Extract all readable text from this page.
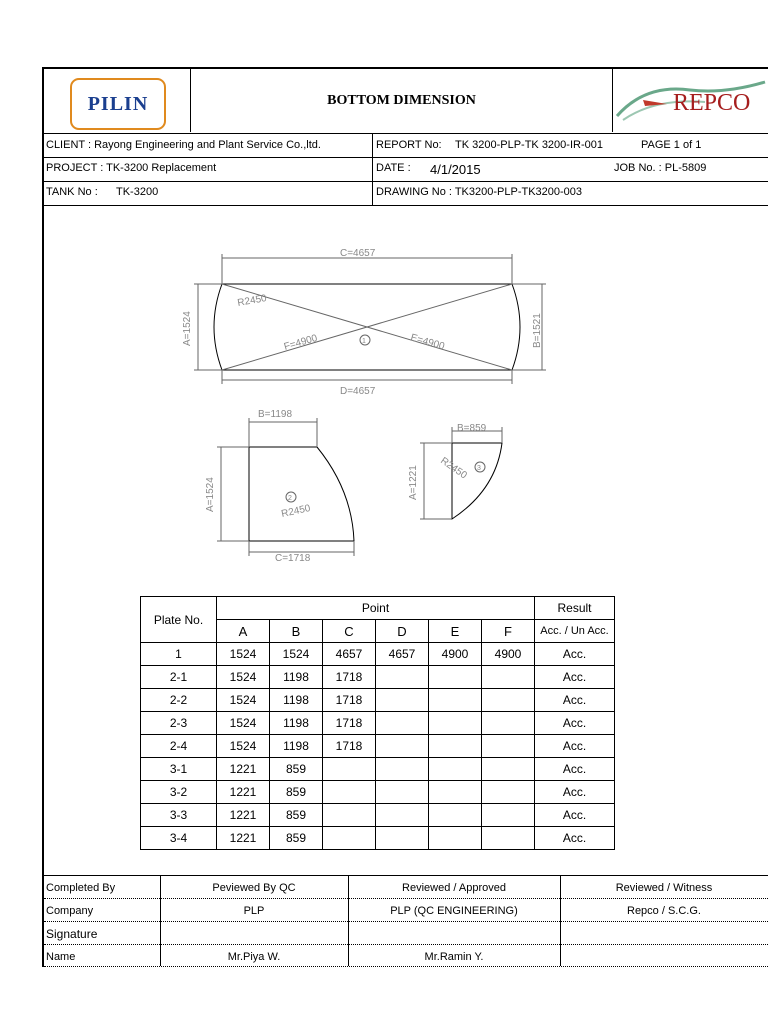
PILIN	REPCO
BOTTOM DIMENSION
CLIENT : Rayong Engineering and Plant Service Co.,ltd.	REPORT No: TK 3200-PLP-TK 3200-IR-001	PAGE 1 of 1
PROJECT : TK-3200 Replacement	DATE : 4/1/2015	JOB No. : PL-5809
TANK No : TK-3200	DRAWING No : TK3200-PLP-TK3200-003
C=4657
D=4657
A=1524	B=1521
R2450
F=4900	E=4900
1
B=1198
A=1524
C=1718
R2450
2
B=859
A=1221 R2450 3
Plate No.	Point						Result
	A	B	C	D	E	F	Acc. / Un Acc.
1	1524	1524	4657	4657	4900	4900	Acc.
2-1	1524	1198	1718				Acc.
2-2	1524	1198	1718				Acc.
2-3	1524	1198	1718				Acc.
2-4	1524	1198	1718				Acc.
3-1	1221	859					Acc.
3-2	1221	859					Acc.
3-3	1221	859					Acc.
3-4	1221	859					Acc.
Completed By	Peviewed By QC	Reviewed / Approved	Reviewed / Witness
Company	PLP	PLP (QC ENGINEERING)	Repco / S.C.G.
Signature
Name	Mr.Piya W.	Mr.Ramin Y.
